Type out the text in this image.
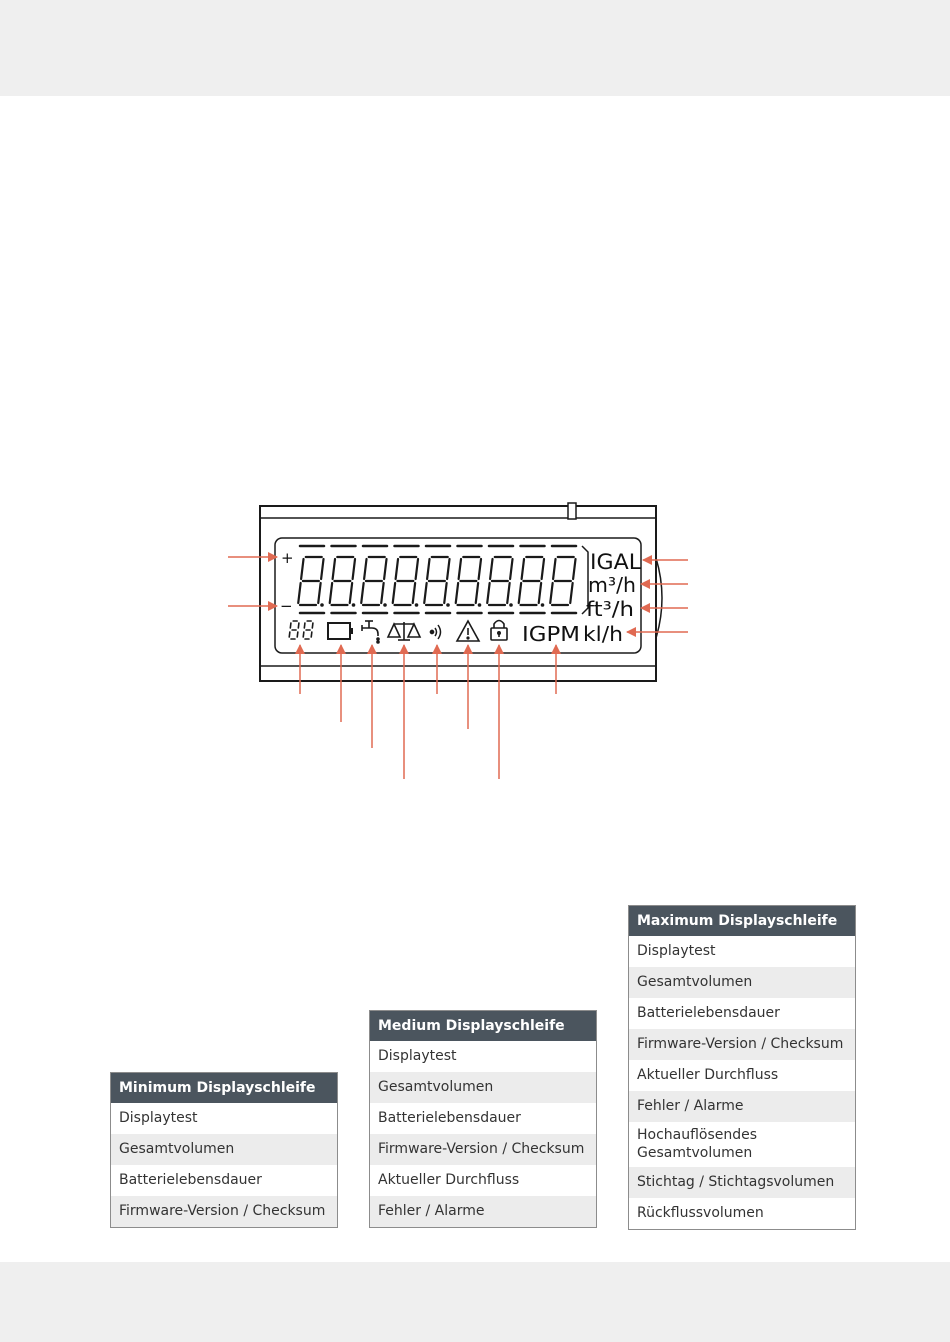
+
−
IGAL
m³/h
ft³/h
kl/h
IGPM
Minimum Displayschleife
Displaytest
Gesamtvolumen
Batterielebensdauer
Firmware-Version / Checksum
Medium Displayschleife
Displaytest
Gesamtvolumen
Batterielebensdauer
Firmware-Version / Checksum
Aktueller Durchfluss
Fehler / Alarme
Maximum Displayschleife
Displaytest
Gesamtvolumen
Batterielebensdauer
Firmware-Version / Checksum
Aktueller Durchfluss
Fehler / Alarme
Hochauflösendes Gesamtvolumen
Stichtag / Stichtagsvolumen
Rückflussvolumen
